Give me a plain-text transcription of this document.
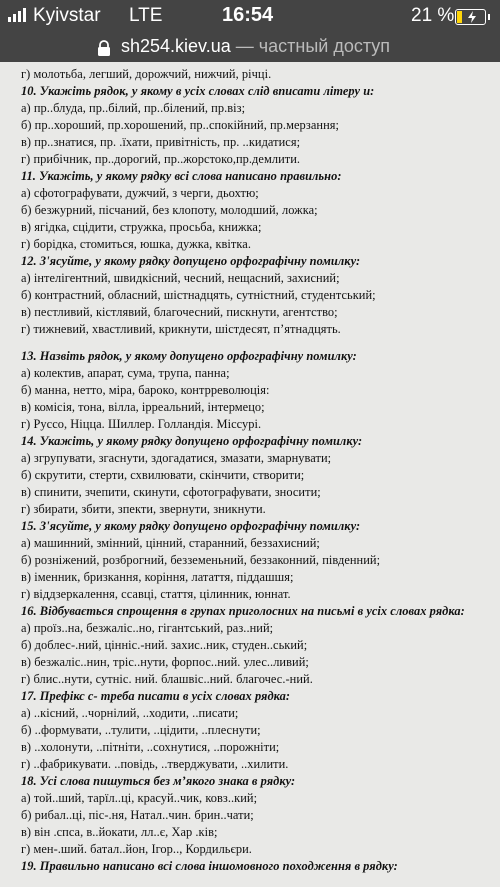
Kyivstar LTE	16:54	21 %
sh254.kiev.ua — частный доступ
г) молотьба, легший, дорожчий, нижчий, річці.
10. Укажіть рядок, у якому в усіх словах слід вписати літеру и:
а) пр..блуда, пр..білий, пр..білений, пр.віз;
б) пр..хороший, пр.хорошений, пр..спокійний, пр.мерзання;
в) пр..знатися, пр. .їхати, привітність, пр. ..кидатися;
г) прибічник, пр..дорогий, пр..жорстоко,пр.демлити.
11. Укажіть, у якому рядку всі слова написано правильно:
а) сфотографувати, дужчий, з черги, дьохтю;
б) безжурний, пісчаний, без клопоту, молодший, ложка;
в) ягідка, сцідити, стружка, просьба, книжка;
г) борідка, стомиться, юшка, дужка, квітка.
12. З'ясуйте, у якому рядку допущено орфографічну помилку:
а) інтелігентний, швидкісний, чесний, нещасний, захисний;
б) контрастний, обласний, шістнадцять, сутністний, студентський;
в) пестливий, кістлявий, благочесний, пискнути, агентство;
г) тижневий, хвастливий, крикнути, шістдесят, п’ятнадцять.
13. Назвіть рядок, у якому допущено орфографічну помилку:
а) колектив, апарат, сума, трупа, панна;
б) манна, нетто, міра, бароко, контрреволюція:
в) комісія, тона, вілла, ірреальний, інтермецо;
г) Руссо, Ніцца. Шиллер. Голландія. Міссурі.
14. Укажіть, у якому рядку допущено орфографічну помилку:
а) згрупувати, згаснути, здогадатися, змазати, змарнувати;
б) скрутити, стерти, схвилювати, скінчити, створити;
в) спинити, зчепити, скинути, сфотографувати, зносити;
г) збирати, збити, зпекти, звернути, зникнути.
15. З'ясуйте, у якому рядку допущено орфографічну помилку:
а) машинний, змінний, цінний, старанний, беззахисний;
б) розніжений, розброгний, безземеньний, беззаконний, південний;
в) іменник, бризкання, коріння, латаття, піддашшя;
г) віддзеркалення, ссавці, стаття, цілинник, юннат.
16. Відбувається спрощення в групах приголосних на письмі в усіх словах рядка:
а) проїз..на, безжаліс..но, гігантський, раз..ний;
б) доблес-.ний, цінніс.-ний. захис..ник, студен..ський;
в) безжаліс..нин, тріс..нути, форпос..ний. улес..ливий;
г) блис..нути, сутніс. ний. блашвіс..ний. благочес.-ний.
17. Префікс с- треба писати в усіх словах рядка:
а) ..кісний, ..чорнілий, ..ходити, ..писати;
б) ..формувати, ..тулити, ..цідити, ..плеснути;
в) ..холонути, ..пітніти, ..сохнутися, ..порожніти;
г) ..фабрикувати. ..повідь, ..тверджувати, ..хилити.
18. Усі слова пишуться без м’якого знака в рядку:
а) той..ший, тарїл..ці, красуй..чик, ковз..кий;
б) рибал..ці, піс-.ня, Натал..чин. брин..чати;
в) він .спса, в..йокати, лл..є, Хар .ків;
г) мен-.ший. батал..йон, Ігор.., Кордильєри.
19. Правильно написано всі слова іншомовного походження в рядку:
